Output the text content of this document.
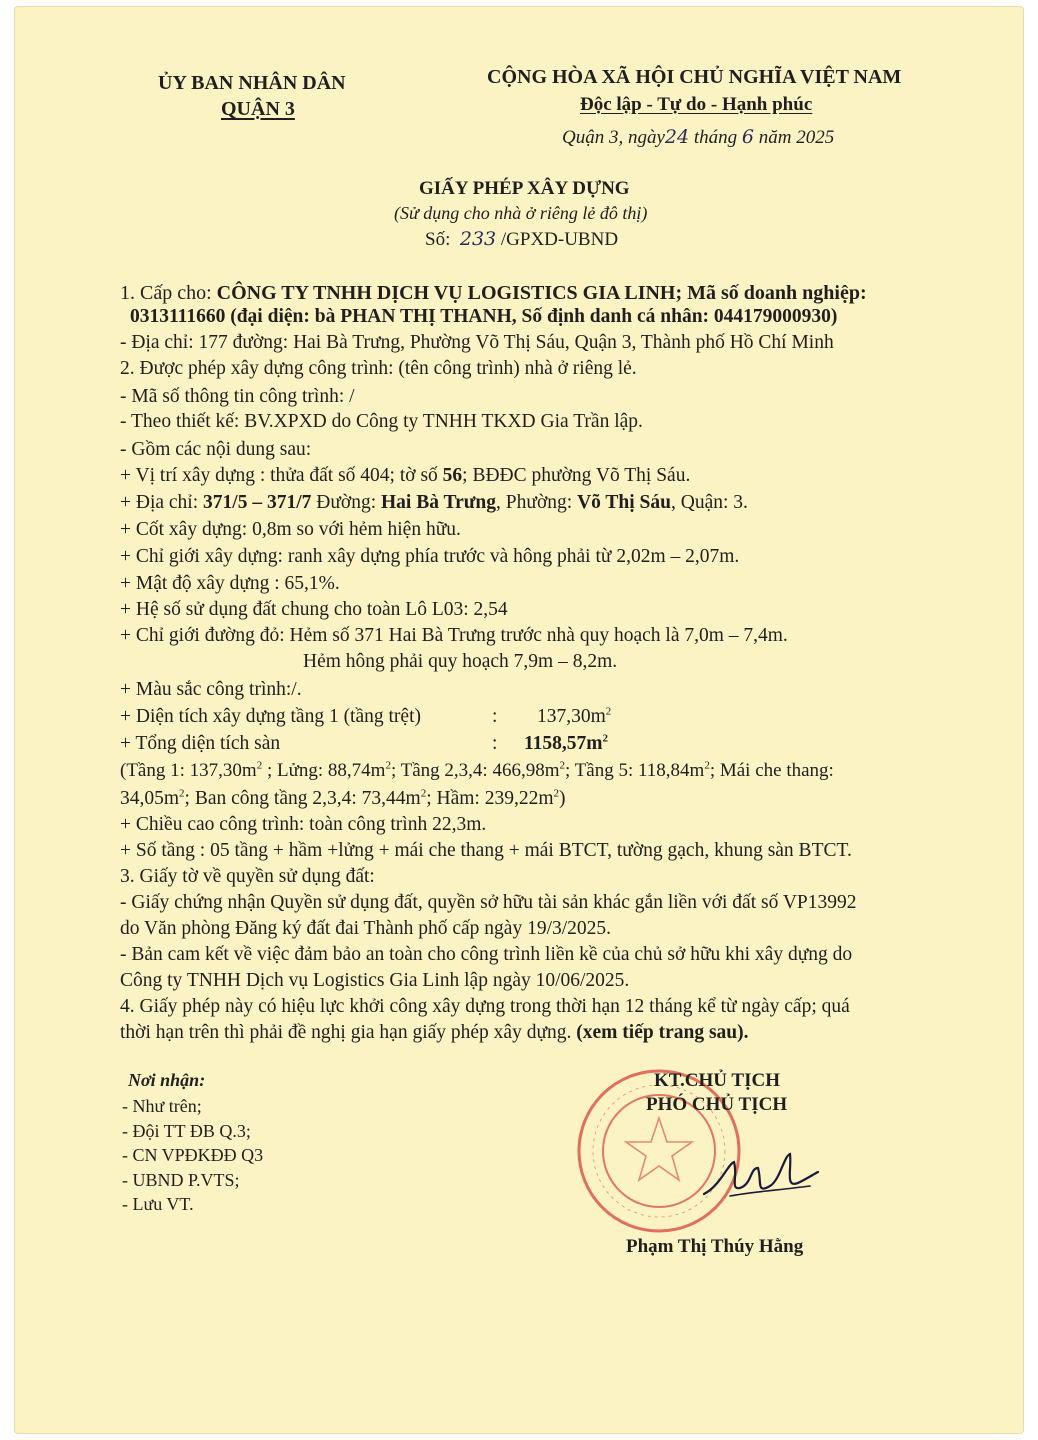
ỦY BAN NHÂN DÂN
QUẬN 3
CỘNG HÒA XÃ HỘI CHỦ NGHĨA VIỆT NAM
Độc lập - Tự do - Hạnh phúc
Quận 3, ngày24 tháng 6 năm 2025
GIẤY PHÉP XÂY DỰNG
(Sử dụng cho nhà ở riêng lẻ đô thị)
Số: 233 /GPXD-UBND
1. Cấp cho: CÔNG TY TNHH DỊCH VỤ LOGISTICS GIA LINH; Mã số doanh nghiệp:
0313111660 (đại diện: bà PHAN THỊ THANH, Số định danh cá nhân: 044179000930)
- Địa chỉ: 177 đường: Hai Bà Trưng, Phường Võ Thị Sáu, Quận 3, Thành phố Hồ Chí Minh
2. Được phép xây dựng công trình: (tên công trình) nhà ở riêng lẻ.
- Mã số thông tin công trình: /
- Theo thiết kế: BV.XPXD do Công ty TNHH TKXD Gia Trần lập.
- Gồm các nội dung sau:
+ Vị trí xây dựng : thửa đất số 404; tờ số 56; BĐĐC phường Võ Thị Sáu.
+ Địa chỉ: 371/5 – 371/7 Đường: Hai Bà Trưng, Phường: Võ Thị Sáu, Quận: 3.
+ Cốt xây dựng: 0,8m so với hẻm hiện hữu.
+ Chỉ giới xây dựng: ranh xây dựng phía trước và hông phải từ 2,02m – 2,07m.
+ Mật độ xây dựng : 65,1%.
+ Hệ số sử dụng đất chung cho toàn Lô L03: 2,54
+ Chỉ giới đường đỏ: Hẻm số 371 Hai Bà Trưng trước nhà quy hoạch là 7,0m – 7,4m.
Hẻm hông phải quy hoạch 7,9m – 8,2m.
+ Màu sắc công trình:/.
+ Diện tích xây dựng tầng 1 (tầng trệt)	: $137,30m^2$
+ Tổng diện tích sàn	: $1158,57m^2$
(Tầng 1: $137,30m^2$ ; Lửng: $88,74m^2$; Tầng 2,3,4: $466,98m^2$; Tầng 5: $118,84m^2$; Mái che thang:
$34,05m^2$; Ban công tầng 2,3,4: $73,44m^2$; Hầm: $239,22m^2$)
+ Chiều cao công trình: toàn công trình 22,3m.
+ Số tầng : 05 tầng + hầm +lửng + mái che thang + mái BTCT, tường gạch, khung sàn BTCT.
3. Giấy tờ về quyền sử dụng đất:
- Giấy chứng nhận Quyền sử dụng đất, quyền sở hữu tài sản khác gắn liền với đất số VP13992
do Văn phòng Đăng ký đất đai Thành phố cấp ngày 19/3/2025.
- Bản cam kết về việc đảm bảo an toàn cho công trình liền kề của chủ sở hữu khi xây dựng do
Công ty TNHH Dịch vụ Logistics Gia Linh lập ngày 10/06/2025.
4. Giấy phép này có hiệu lực khởi công xây dựng trong thời hạn 12 tháng kể từ ngày cấp; quá
thời hạn trên thì phải đề nghị gia hạn giấy phép xây dựng. (xem tiếp trang sau).
Nơi nhận:
- Như trên;
- Đội TT ĐB Q.3;
- CN VPĐKĐĐ Q3
- UBND P.VTS;
- Lưu VT.
KT.CHỦ TỊCH
PHÓ CHỦ TỊCH
Phạm Thị Thúy Hằng
